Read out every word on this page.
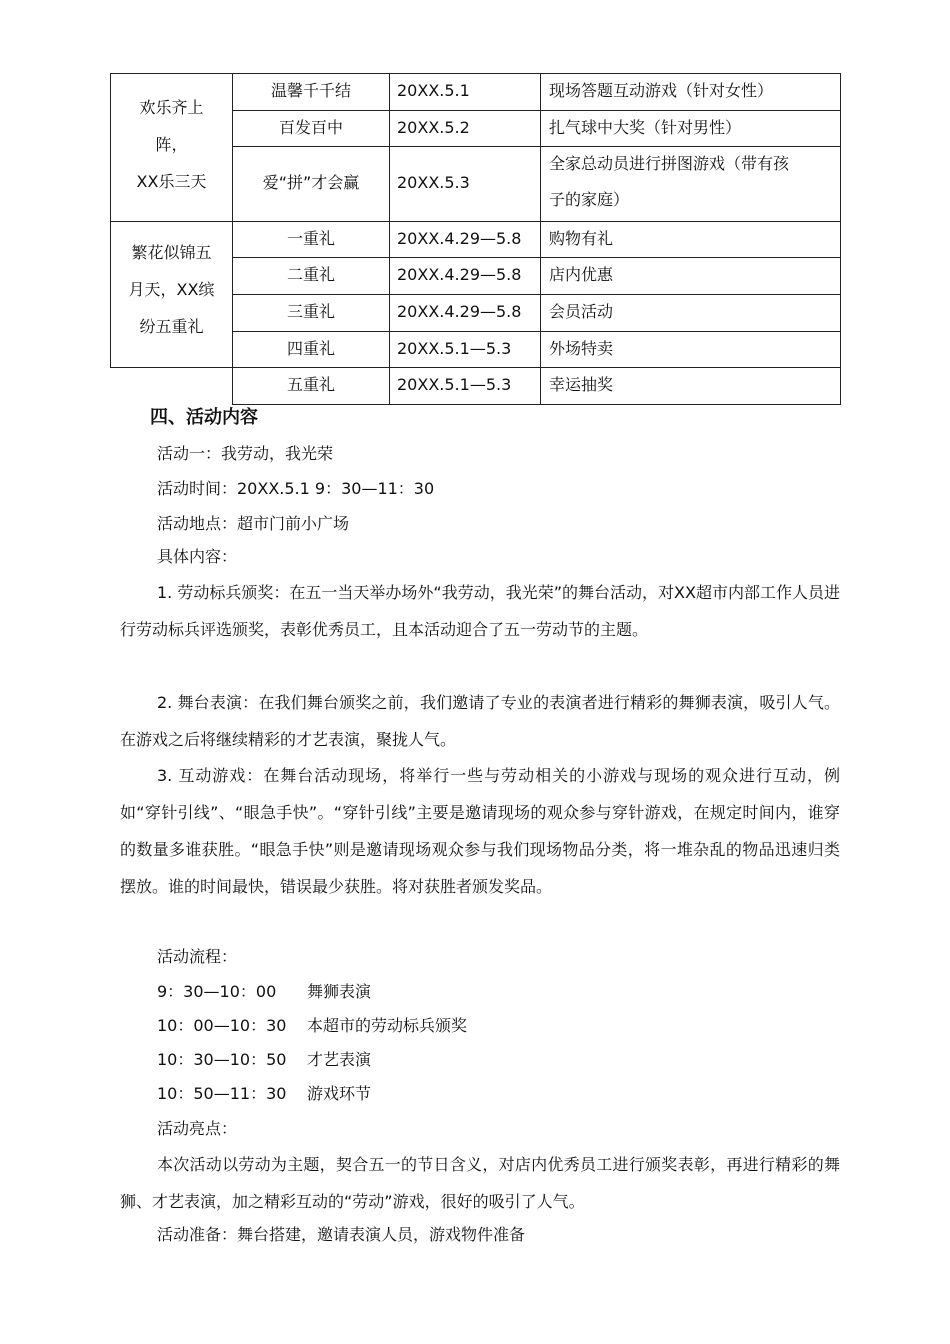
欢乐齐上
阵，
XX乐三天
温馨千千结	20XX.5.1	现场答题互动游戏（针对女性）
百发百中	20XX.5.2	扎气球中大奖（针对男性）
爱“拼”才会赢	20XX.5.3
全家总动员进行拼图游戏（带有孩
子的家庭）
繁花似锦五
月天，XX缤
纷五重礼
一重礼	20XX.4.29—5.8 购物有礼
二重礼	20XX.4.29—5.8 店内优惠
三重礼	20XX.4.29—5.8 会员活动
四重礼	20XX.5.1—5.3 外场特卖
五重礼	20XX.5.1—5.3 幸运抽奖
四、活动内容
活动一：我劳动，我光荣
活动时间：20XX.5.1 9：30—11：30
活动地点：超市门前小广场
具体内容：
1. 劳动标兵颁奖：在五一当天举办场外“我劳动，我光荣”的舞台活动，对XX超市内部工作人员进行劳动标兵评选颁奖，表彰优秀员工，且本活动迎合了五一劳动节的主题。
2. 舞台表演：在我们舞台颁奖之前，我们邀请了专业的表演者进行精彩的舞狮表演，吸引人气。在游戏之后将继续精彩的才艺表演，聚拢人气。
3. 互动游戏：在舞台活动现场，将举行一些与劳动相关的小游戏与现场的观众进行互动，例如“穿针引线”、“眼急手快”。“穿针引线”主要是邀请现场的观众参与穿针游戏，在规定时间内，谁穿的数量多谁获胜。“眼急手快”则是邀请现场观众参与我们现场物品分类，将一堆杂乱的物品迅速归类摆放。谁的时间最快，错误最少获胜。将对获胜者颁发奖品。
活动流程：
9：30—10：00 舞狮表演
10：00—10：30 本超市的劳动标兵颁奖
10：30—10：50 才艺表演
10：50—11：30 游戏环节
活动亮点：
本次活动以劳动为主题，契合五一的节日含义，对店内优秀员工进行颁奖表彰，再进行精彩的舞狮、才艺表演，加之精彩互动的“劳动”游戏，很好的吸引了人气。
活动准备：舞台搭建，邀请表演人员，游戏物件准备
